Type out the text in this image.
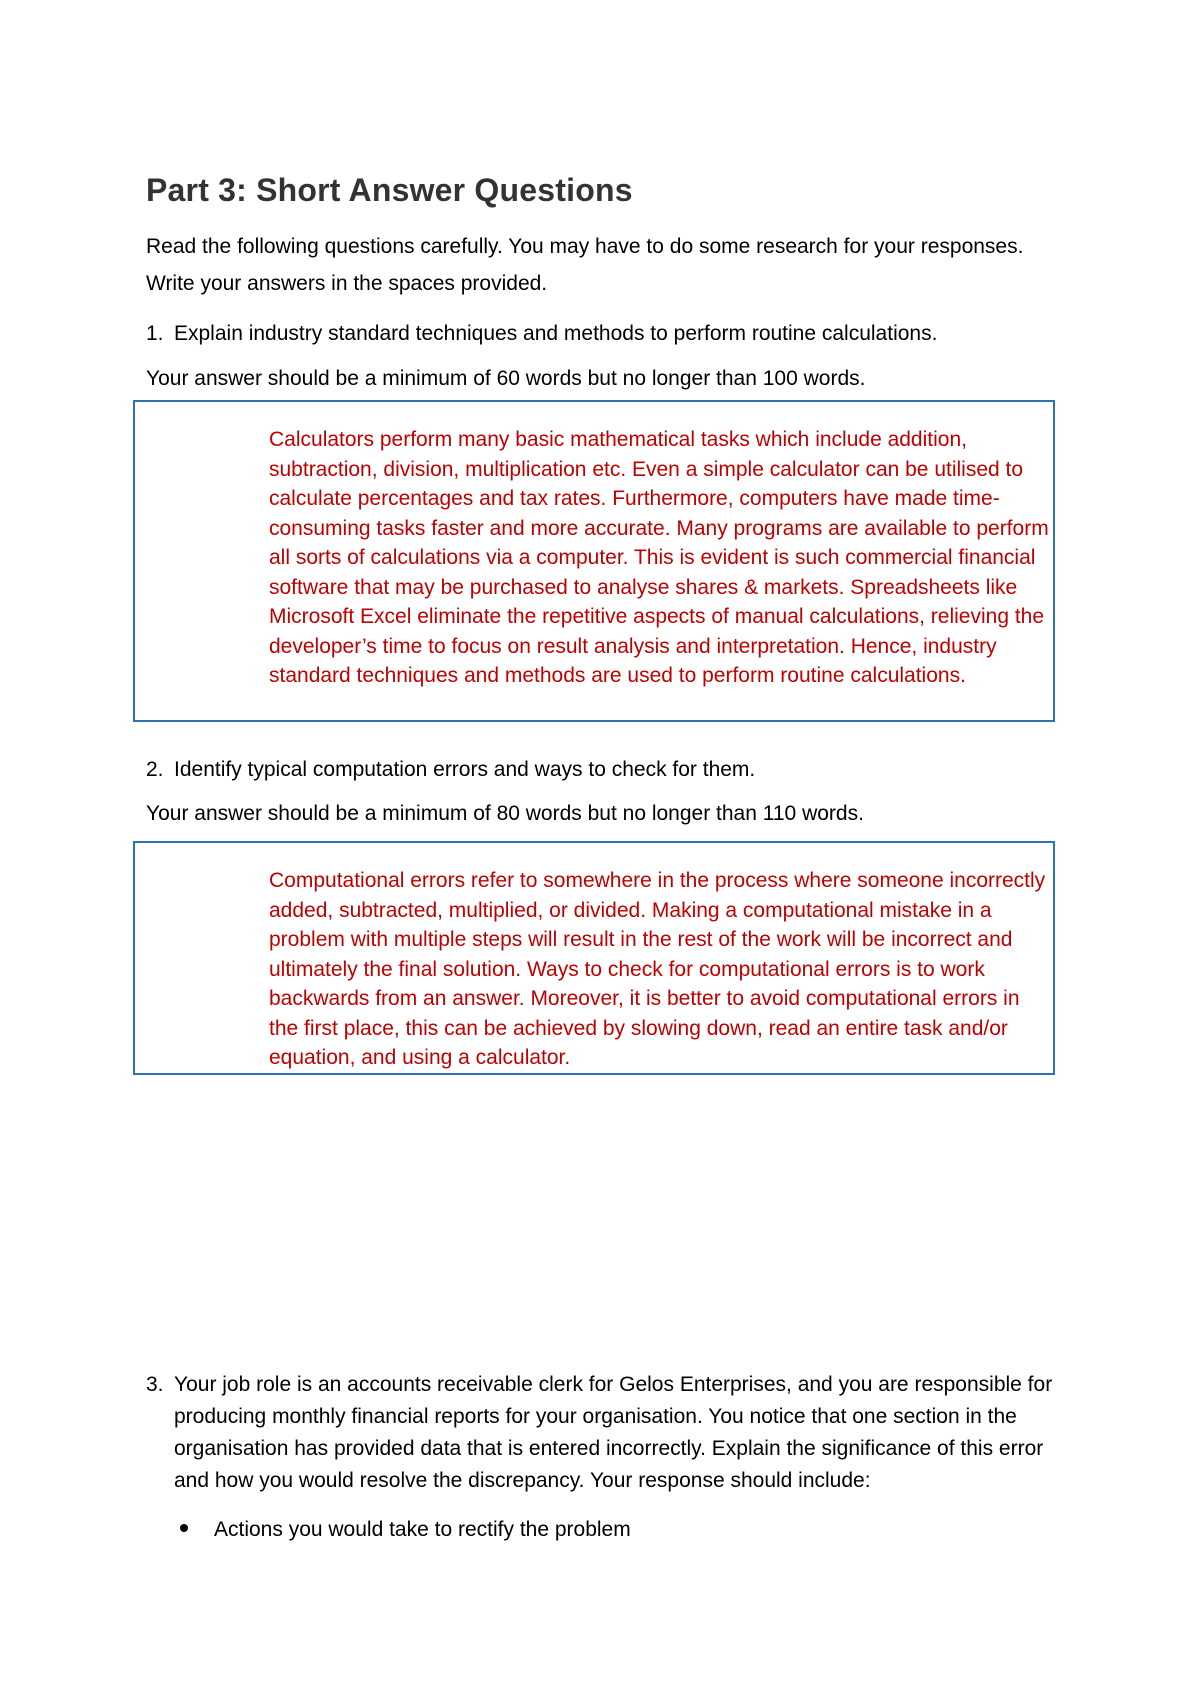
Part 3: Short Answer Questions
Read the following questions carefully. You may have to do some research for your responses. Write your answers in the spaces provided.
1. Explain industry standard techniques and methods to perform routine calculations.
Your answer should be a minimum of 60 words but no longer than 100 words.
Calculators perform many basic mathematical tasks which include addition, subtraction, division, multiplication etc. Even a simple calculator can be utilised to calculate percentages and tax rates. Furthermore, computers have made time-consuming tasks faster and more accurate. Many programs are available to perform all sorts of calculations via a computer. This is evident is such commercial financial software that may be purchased to analyse shares & markets. Spreadsheets like Microsoft Excel eliminate the repetitive aspects of manual calculations, relieving the developer’s time to focus on result analysis and interpretation. Hence, industry standard techniques and methods are used to perform routine calculations.
2. Identify typical computation errors and ways to check for them.
Your answer should be a minimum of 80 words but no longer than 110 words.
Computational errors refer to somewhere in the process where someone incorrectly added, subtracted, multiplied, or divided. Making a computational mistake in a problem with multiple steps will result in the rest of the work will be incorrect and ultimately the final solution. Ways to check for computational errors is to work backwards from an answer. Moreover, it is better to avoid computational errors in the first place, this can be achieved by slowing down, read an entire task and/or equation, and using a calculator.
3. Your job role is an accounts receivable clerk for Gelos Enterprises, and you are responsible for producing monthly financial reports for your organisation. You notice that one section in the organisation has provided data that is entered incorrectly. Explain the significance of this error and how you would resolve the discrepancy. Your response should include:
Actions you would take to rectify the problem
